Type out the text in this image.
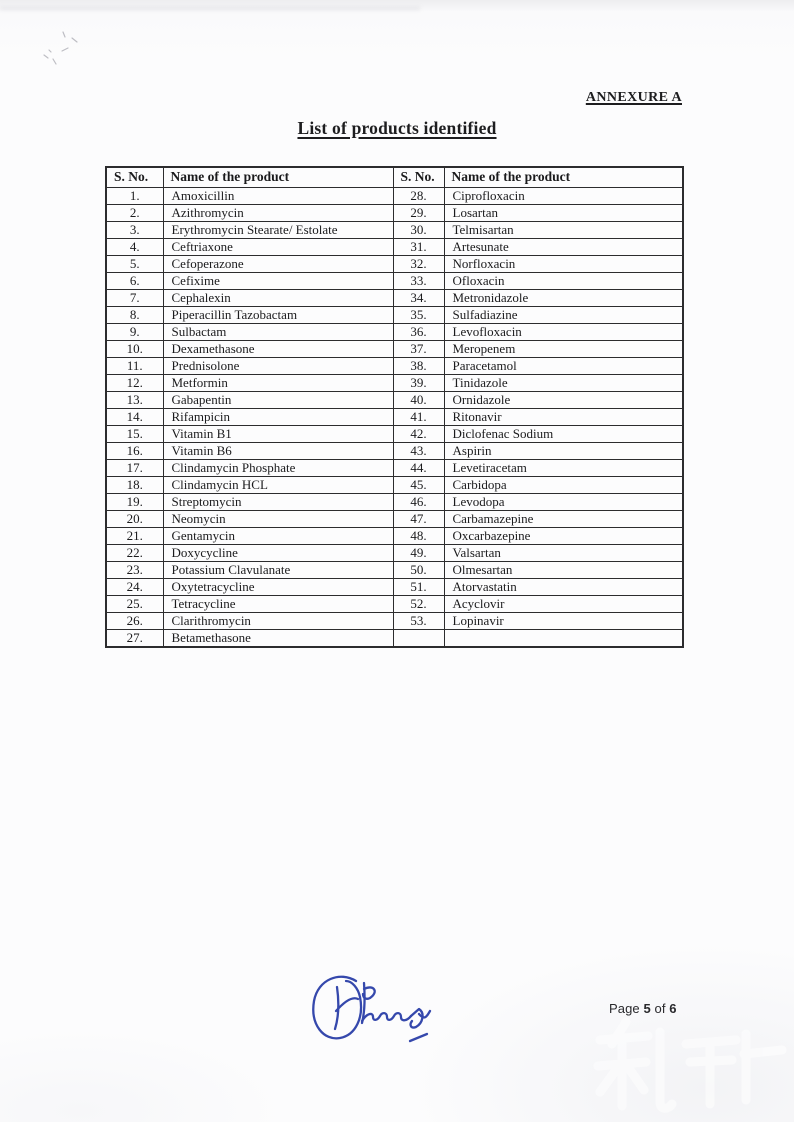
ANNEXURE A
List of products identified
S. No.	Name of the product	S. No.	Name of the product
1.	Amoxicillin	28.	Ciprofloxacin
2.	Azithromycin	29.	Losartan
3.	Erythromycin Stearate/ Estolate	30.	Telmisartan
4.	Ceftriaxone	31.	Artesunate
5.	Cefoperazone	32.	Norfloxacin
6.	Cefixime	33.	Ofloxacin
7.	Cephalexin	34.	Metronidazole
8.	Piperacillin Tazobactam	35.	Sulfadiazine
9.	Sulbactam	36.	Levofloxacin
10.	Dexamethasone	37.	Meropenem
11.	Prednisolone	38.	Paracetamol
12.	Metformin	39.	Tinidazole
13.	Gabapentin	40.	Ornidazole
14.	Rifampicin	41.	Ritonavir
15.	Vitamin B1	42.	Diclofenac Sodium
16.	Vitamin B6	43.	Aspirin
17.	Clindamycin Phosphate	44.	Levetiracetam
18.	Clindamycin HCL	45.	Carbidopa
19.	Streptomycin	46.	Levodopa
20.	Neomycin	47.	Carbamazepine
21.	Gentamycin	48.	Oxcarbazepine
22.	Doxycycline	49.	Valsartan
23.	Potassium Clavulanate	50.	Olmesartan
24.	Oxytetracycline	51.	Atorvastatin
25.	Tetracycline	52.	Acyclovir
26.	Clarithromycin	53.	Lopinavir
27.	Betamethasone		
Page 5 of 6
